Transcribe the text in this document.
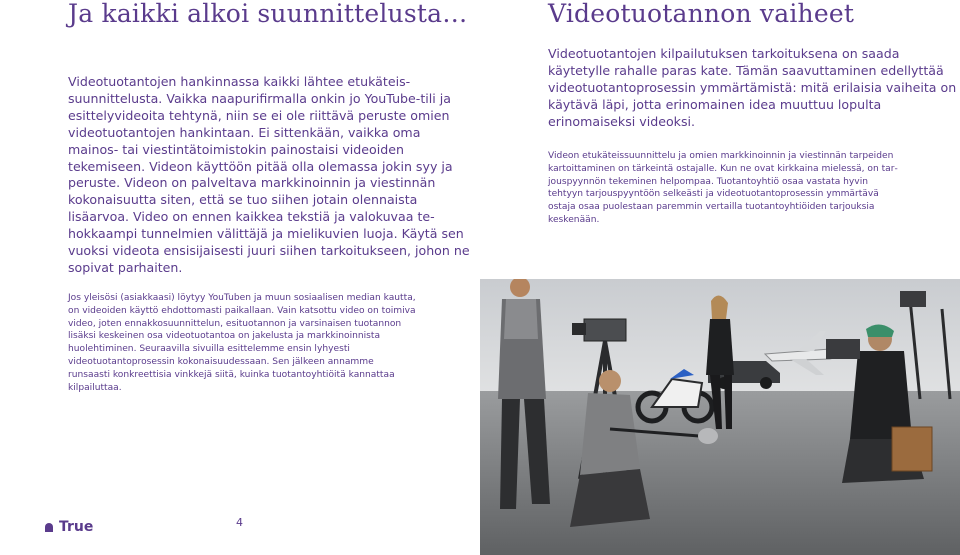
Ja kaikki alkoi suunnittelusta…

Videotuotantojen hankinnassa kaikki lähtee etukäteissuunnittelusta. Vaikka naapurifirmalla onkin jo YouTube-tili ja esittelyvideoita tehtynä, niin se ei ole riittävä peruste omien videotuotantojen hankintaan. Ei sittenkään, vaikka oma mainos- tai viestintätoimistokin painostaisi videoiden tekemiseen. Videon käyttöön pitää olla olemassa jokin syy ja peruste. Videon on palveltava markkinoinnin ja viestinnän kokonaisuutta siten, että se tuo siihen jotain olennaista lisäarvoa. Video on ennen kaikkea tekstiä ja valokuvaa tehokkaampi tunnelmien välittäjä ja mielikuvien luoja. Käytä sen vuoksi videota ensisijaisesti juuri siihen tarkoitukseen, johon ne sopivat parhaiten.

Jos yleisösi (asiakkaasi) löytyy YouTuben ja muun sosiaalisen median kautta, on videoiden käyttö ehdottomasti paikallaan. Vain katsottu video on toimiva video, joten ennakkosuunnittelun, esituotannon ja varsinaisen tuotannon lisäksi keskeinen osa videotuotantoa on jakelusta ja markkinoinnista huolehtiminen. Seuraavilla sivuilla esittelemme ensin lyhyesti videotuotantoprosessin kokonaisuudessaan. Sen jälkeen annamme runsaasti konkreettisia vinkkejä siitä, kuinka tuotantoyhtiöitä kannattaa kilpailuttaa.

Videotuotannon vaiheet

Videotuotantojen kilpailutuksen tarkoituksena on saada käytetylle rahalle paras kate. Tämän saavuttaminen edellyttää videotuotantoprosessin ymmärtämistä: mitä erilaisia vaiheita on käytävä läpi, jotta erinomainen idea muuttuu lopulta erinomaiseksi videoksi.

Videon etukäteissuunnittelu ja omien markkinoinnin ja viestinnän tarpeiden kartoittaminen on tärkeintä ostajalle. Kun ne ovat kirkkaina mielessä, on tarjouspyynnön tekeminen helpompaa. Tuotantoyhtiö osaa vastata hyvin tehtyyn tarjouspyyntöön selkeästi ja videotuotantoprosessin ymmärtävä ostaja osaa puolestaan paremmin vertailla tuotantoyhtiöiden tarjouksia keskenään.

True	4
